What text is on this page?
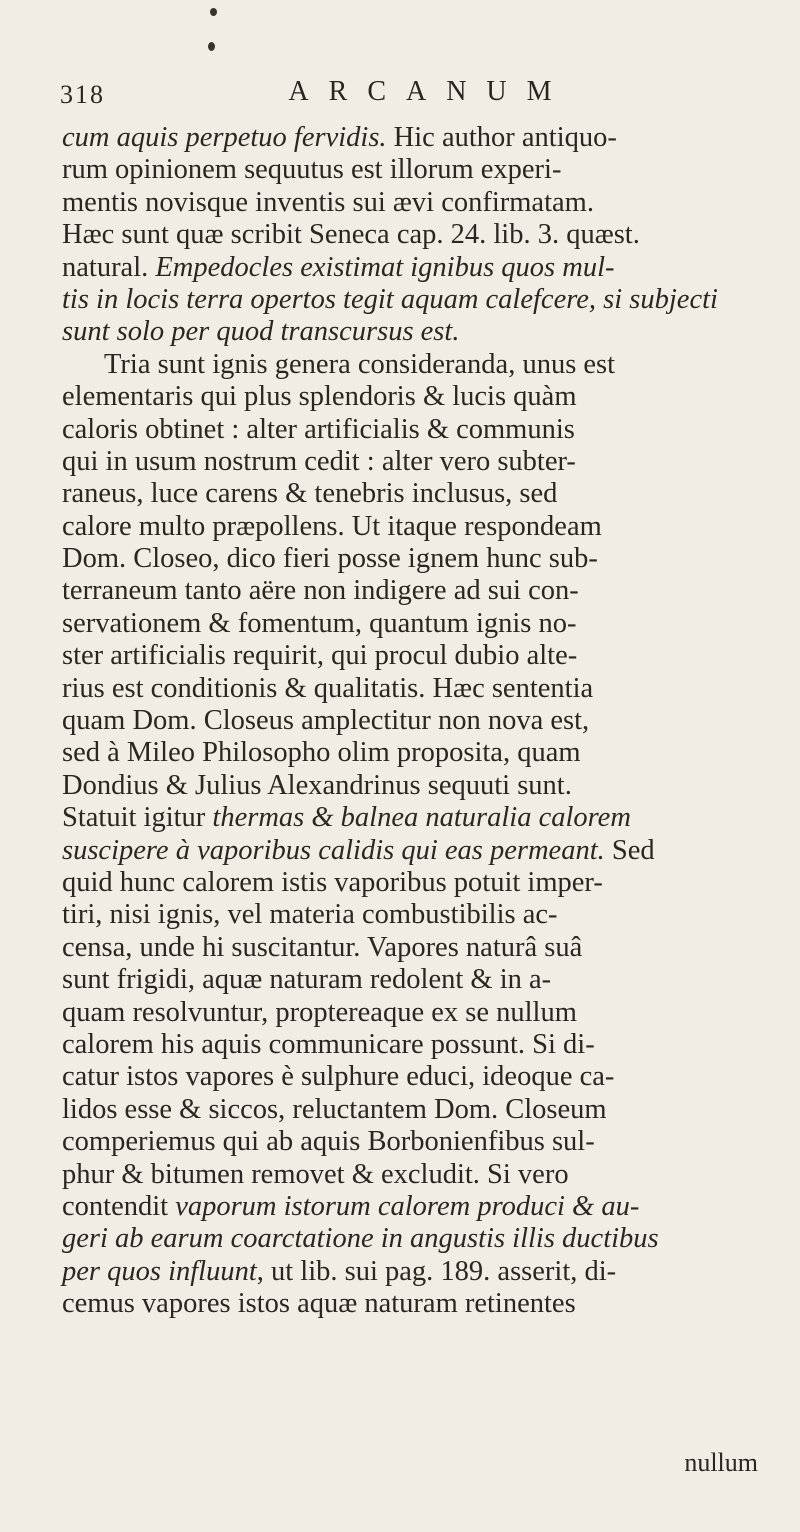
318	ARCANUM
cum aquis perpetuo fervidis. Hic author antiquo-
rum opinionem sequutus est illorum experi-
mentis novisque inventis sui ævi confirmatam.
Hæc sunt quæ scribit Seneca cap. 24. lib. 3. quæst.
natural. Empedocles existimat ignibus quos mul-
tis in locis terra opertos tegit aquam calefcere, si subjecti
sunt solo per quod transcursus est.
Tria sunt ignis genera consideranda, unus est
elementaris qui plus splendoris & lucis quàm
caloris obtinet : alter artificialis & communis
qui in usum nostrum cedit : alter vero subter-
raneus, luce carens & tenebris inclusus, sed
calore multo præpollens. Ut itaque respondeam
Dom. Closeo, dico fieri posse ignem hunc sub-
terraneum tanto aëre non indigere ad sui con-
servationem & fomentum, quantum ignis no-
ster artificialis requirit, qui procul dubio alte-
rius est conditionis & qualitatis. Hæc sententia
quam Dom. Closeus amplectitur non nova est,
sed à Mileo Philosopho olim proposita, quam
Dondius & Julius Alexandrinus sequuti sunt.
Statuit igitur thermas & balnea naturalia calorem
suscipere à vaporibus calidis qui eas permeant. Sed
quid hunc calorem istis vaporibus potuit imper-
tiri, nisi ignis, vel materia combustibilis ac-
censa, unde hi suscitantur. Vapores naturâ suâ
sunt frigidi, aquæ naturam redolent & in a-
quam resolvuntur, proptereaque ex se nullum
calorem his aquis communicare possunt. Si di-
catur istos vapores è sulphure educi, ideoque ca-
lidos esse & siccos, reluctantem Dom. Closeum
comperiemus qui ab aquis Borbonienfibus sul-
phur & bitumen removet & excludit. Si vero
contendit vaporum istorum calorem produci & au-
geri ab earum coarctatione in angustis illis ductibus
per quos influunt, ut lib. sui pag. 189. asserit, di-
cemus vapores istos aquæ naturam retinentes
nullum
